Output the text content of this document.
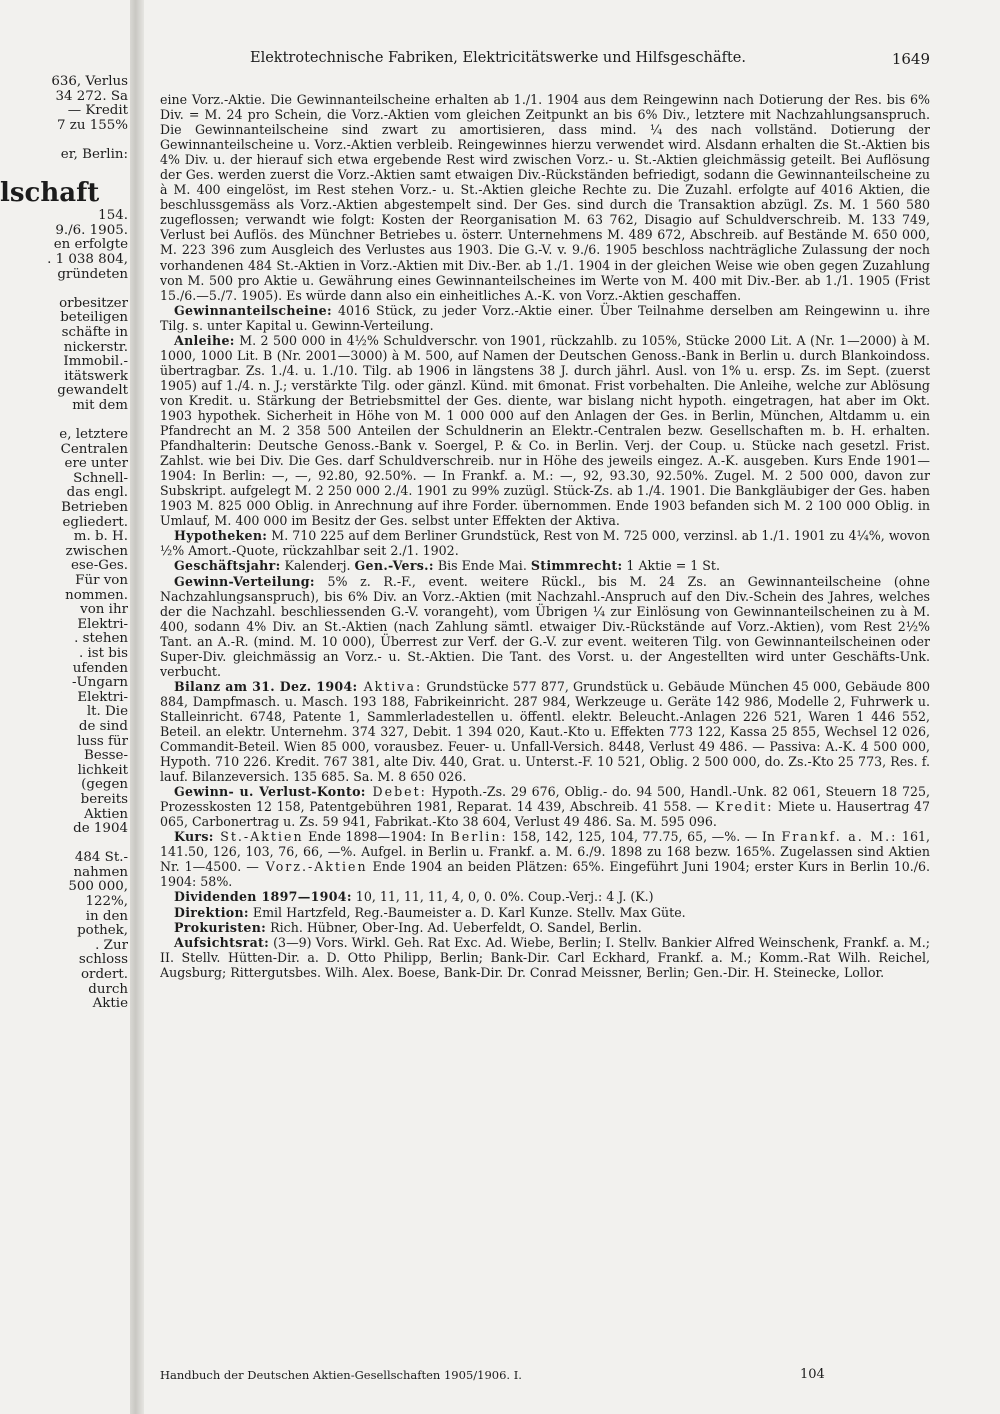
636, Verlus
34 272. Sa
— Kredit
7 zu 155%

er, Berlin:

lschaft
154.
9./6. 1905.
en erfolgte
. 1 038 804,
gründeten

orbesitzer
beteiligen
schäfte in
nickerstr.
Immobil.-
itätswerk
gewandelt
mit dem

e, letztere
Centralen
ere unter
Schnell-
das engl.
Betrieben
egliedert.
m. b. H.
zwischen
ese-Ges.
Für von
nommen.
von ihr
Elektri-
. stehen
. ist bis
ufenden
-Ungarn
Elektri-
lt. Die
de sind
luss für
Besse-
lichkeit
(gegen
bereits
Aktien
de 1904

484 St.-
nahmen
500 000,
122%,
in den
pothek,
. Zur
schloss
ordert.
durch
Aktie
Elektrotechnische Fabriken, Elektricitätswerke und Hilfsgeschäfte.	1649

eine Vorz.-Aktie. Die Gewinnanteilscheine erhalten ab 1./1. 1904 aus dem Reingewinn nach Dotierung der Res. bis 6% Div. = M. 24 pro Schein, die Vorz.-Aktien vom gleichen Zeitpunkt an bis 6% Div., letztere mit Nachzahlungsanspruch. Die Gewinnanteilscheine sind zwart zu amortisieren, dass mind. ¼ des nach vollständ. Dotierung der Gewinnanteilscheine u. Vorz.-Aktien verbleib. Reingewinnes hierzu verwendet wird. Alsdann erhalten die St.-Aktien bis 4% Div. u. der hierauf sich etwa ergebende Rest wird zwischen Vorz.- u. St.-Aktien gleichmässig geteilt. Bei Auflösung der Ges. werden zuerst die Vorz.-Aktien samt etwaigen Div.-Rückständen befriedigt, sodann die Gewinnanteilscheine zu à M. 400 eingelöst, im Rest stehen Vorz.- u. St.-Aktien gleiche Rechte zu. Die Zuzahl. erfolgte auf 4016 Aktien, die beschlussgemäss als Vorz.-Aktien abgestempelt sind. Der Ges. sind durch die Transaktion abzügl. Zs. M. 1 560 580 zugeflossen; verwandt wie folgt: Kosten der Reorganisation M. 63 762, Disagio auf Schuldverschreib. M. 133 749, Verlust bei Auflös. des Münchner Betriebes u. österr. Unternehmens M. 489 672, Abschreib. auf Bestände M. 650 000, M. 223 396 zum Ausgleich des Verlustes aus 1903. Die G.-V. v. 9./6. 1905 beschloss nachträgliche Zulassung der noch vorhandenen 484 St.-Aktien in Vorz.-Aktien mit Div.-Ber. ab 1./1. 1904 in der gleichen Weise wie oben gegen Zuzahlung von M. 500 pro Aktie u. Gewährung eines Gewinnanteilscheines im Werte von M. 400 mit Div.-Ber. ab 1./1. 1905 (Frist 15./6.—5./7. 1905). Es würde dann also ein einheitliches A.-K. von Vorz.-Aktien geschaffen.

Gewinnanteilscheine: 4016 Stück, zu jeder Vorz.-Aktie einer. Über Teilnahme derselben am Reingewinn u. ihre Tilg. s. unter Kapital u. Gewinn-Verteilung.

Anleihe: M. 2 500 000 in 4½% Schuldverschr. von 1901, rückzahlb. zu 105%, Stücke 2000 Lit. A (Nr. 1—2000) à M. 1000, 1000 Lit. B (Nr. 2001—3000) à M. 500, auf Namen der Deutschen Genoss.-Bank in Berlin u. durch Blankoindoss. übertragbar. Zs. 1./4. u. 1./10. Tilg. ab 1906 in längstens 38 J. durch jährl. Ausl. von 1% u. ersp. Zs. im Sept. (zuerst 1905) auf 1./4. n. J.; verstärkte Tilg. oder gänzl. Künd. mit 6monat. Frist vorbehalten. Die Anleihe, welche zur Ablösung von Kredit. u. Stärkung der Betriebsmittel der Ges. diente, war bislang nicht hypoth. eingetragen, hat aber im Okt. 1903 hypothek. Sicherheit in Höhe von M. 1 000 000 auf den Anlagen der Ges. in Berlin, München, Altdamm u. ein Pfandrecht an M. 2 358 500 Anteilen der Schuldnerin an Elektr.-Centralen bezw. Gesellschaften m. b. H. erhalten. Pfandhalterin: Deutsche Genoss.-Bank v. Soergel, P. & Co. in Berlin. Verj. der Coup. u. Stücke nach gesetzl. Frist. Zahlst. wie bei Div. Die Ges. darf Schuldverschreib. nur in Höhe des jeweils eingez. A.-K. ausgeben. Kurs Ende 1901—1904: In Berlin: —, —, 92.80, 92.50%. — In Frankf. a. M.: —, 92, 93.30, 92.50%. Zugel. M. 2 500 000, davon zur Subskript. aufgelegt M. 2 250 000 2./4. 1901 zu 99% zuzügl. Stück-Zs. ab 1./4. 1901. Die Bankgläubiger der Ges. haben 1903 M. 825 000 Oblig. in Anrechnung auf ihre Forder. übernommen. Ende 1903 befanden sich M. 2 100 000 Oblig. in Umlauf, M. 400 000 im Besitz der Ges. selbst unter Effekten der Aktiva.

Hypotheken: M. 710 225 auf dem Berliner Grundstück, Rest von M. 725 000, verzinsl. ab 1./1. 1901 zu 4¼%, wovon ½% Amort.-Quote, rückzahlbar seit 2./1. 1902.

Geschäftsjahr: Kalenderj. Gen.-Vers.: Bis Ende Mai. Stimmrecht: 1 Aktie = 1 St.

Gewinn-Verteilung: 5% z. R.-F., event. weitere Rückl., bis M. 24 Zs. an Gewinnanteilscheine (ohne Nachzahlungsanspruch), bis 6% Div. an Vorz.-Aktien (mit Nachzahl.-Anspruch auf den Div.-Schein des Jahres, welches der die Nachzahl. beschliessenden G.-V. vorangeht), vom Übrigen ¼ zur Einlösung von Gewinnanteilscheinen zu à M. 400, sodann 4% Div. an St.-Aktien (nach Zahlung sämtl. etwaiger Div.-Rückstände auf Vorz.-Aktien), vom Rest 2½% Tant. an A.-R. (mind. M. 10 000), Überrest zur Verf. der G.-V. zur event. weiteren Tilg. von Gewinnanteilscheinen oder Super-Div. gleichmässig an Vorz.- u. St.-Aktien. Die Tant. des Vorst. u. der Angestellten wird unter Geschäfts-Unk. verbucht.

Bilanz am 31. Dez. 1904: Aktiva: Grundstücke 577 877, Grundstück u. Gebäude München 45 000, Gebäude 800 884, Dampfmasch. u. Masch. 193 188, Fabrikeinricht. 287 984, Werkzeuge u. Geräte 142 986, Modelle 2, Fuhrwerk u. Stalleinricht. 6748, Patente 1, Sammlerladestellen u. öffentl. elektr. Beleucht.-Anlagen 226 521, Waren 1 446 552, Beteil. an elektr. Unternehm. 374 327, Debit. 1 394 020, Kaut.-Kto u. Effekten 773 122, Kassa 25 855, Wechsel 12 026, Commandit-Beteil. Wien 85 000, vorausbez. Feuer- u. Unfall-Versich. 8448, Verlust 49 486. — Passiva: A.-K. 4 500 000, Hypoth. 710 226. Kredit. 767 381, alte Div. 440, Grat. u. Unterst.-F. 10 521, Oblig. 2 500 000, do. Zs.-Kto 25 773, Res. f. lauf. Bilanzeversich. 135 685. Sa. M. 8 650 026.

Gewinn- u. Verlust-Konto: Debet: Hypoth.-Zs. 29 676, Oblig.- do. 94 500, Handl.-Unk. 82 061, Steuern 18 725, Prozesskosten 12 158, Patentgebühren 1981, Reparat. 14 439, Abschreib. 41 558. — Kredit: Miete u. Hausertrag 47 065, Carbonertrag u. Zs. 59 941, Fabrikat.-Kto 38 604, Verlust 49 486. Sa. M. 595 096.

Kurs: St.-Aktien Ende 1898—1904: In Berlin: 158, 142, 125, 104, 77.75, 65, —%. — In Frankf. a. M.: 161, 141.50, 126, 103, 76, 66, —%. Aufgel. in Berlin u. Frankf. a. M. 6./9. 1898 zu 168 bezw. 165%. Zugelassen sind Aktien Nr. 1—4500. — Vorz.-Aktien Ende 1904 an beiden Plätzen: 65%. Eingeführt Juni 1904; erster Kurs in Berlin 10./6. 1904: 58%.

Dividenden 1897—1904: 10, 11, 11, 11, 4, 0, 0. 0%. Coup.-Verj.: 4 J. (K.)

Direktion: Emil Hartzfeld, Reg.-Baumeister a. D. Karl Kunze. Stellv. Max Güte.

Prokuristen: Rich. Hübner, Ober-Ing. Ad. Ueberfeldt, O. Sandel, Berlin.

Aufsichtsrat: (3—9) Vors. Wirkl. Geh. Rat Exc. Ad. Wiebe, Berlin; I. Stellv. Bankier Alfred Weinschenk, Frankf. a. M.; II. Stellv. Hütten-Dir. a. D. Otto Philipp, Berlin; Bank-Dir. Carl Eckhard, Frankf. a. M.; Komm.-Rat Wilh. Reichel, Augsburg; Rittergutsbes. Wilh. Alex. Boese, Bank-Dir. Dr. Conrad Meissner, Berlin; Gen.-Dir. H. Steinecke, Lollor.

Handbuch der Deutschen Aktien-Gesellschaften 1905/1906. I.	104
